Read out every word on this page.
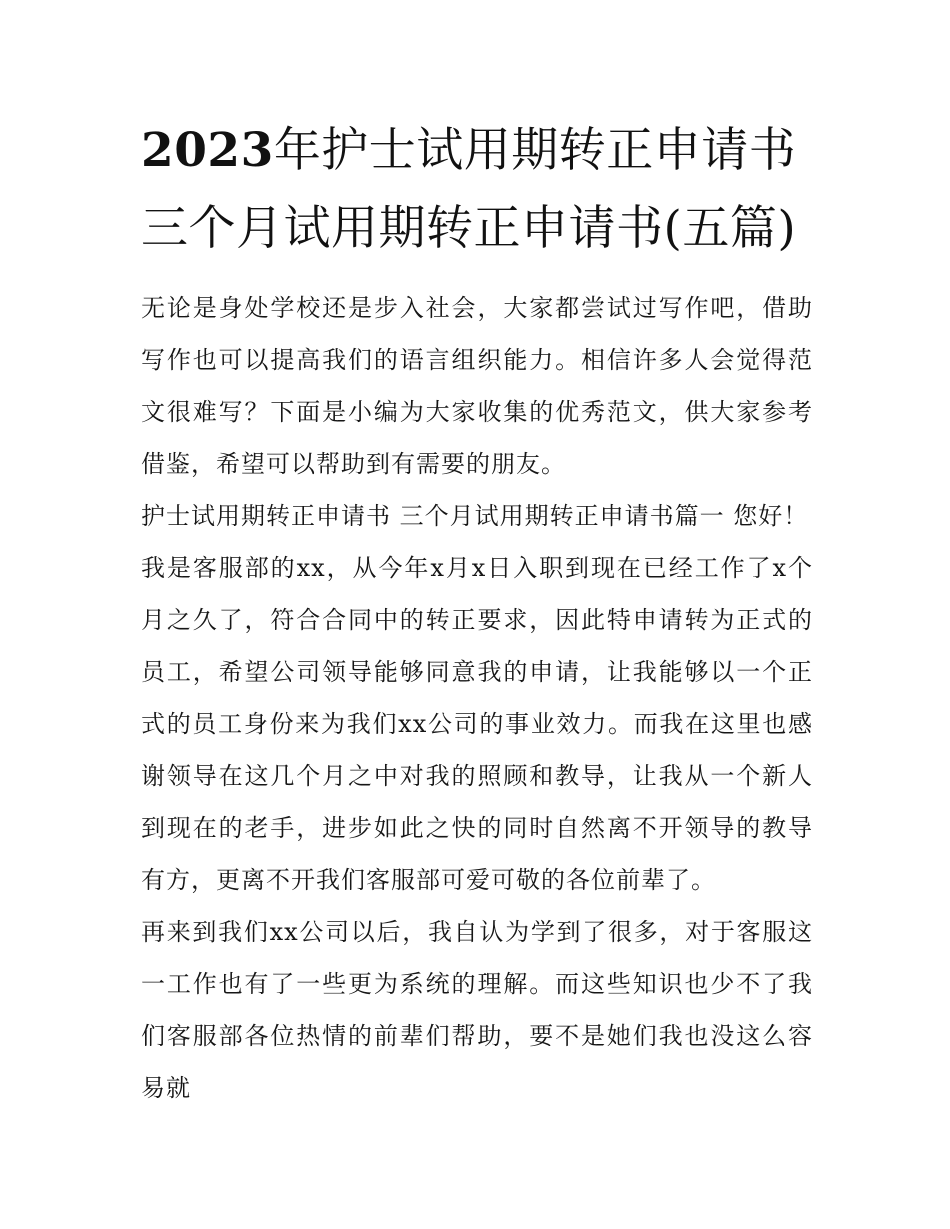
2023年护士试用期转正申请书三个月试用期转正申请书(五篇)

无论是身处学校还是步入社会，大家都尝试过写作吧，借助写作也可以提高我们的语言组织能力。相信许多人会觉得范文很难写？下面是小编为大家收集的优秀范文，供大家参考借鉴，希望可以帮助到有需要的朋友。

护士试用期转正申请书 三个月试用期转正申请书篇一 您好！

我是客服部的xx，从今年x月x日入职到现在已经工作了x个月之久了，符合合同中的转正要求，因此特申请转为正式的员工，希望公司领导能够同意我的申请，让我能够以一个正式的员工身份来为我们xx公司的事业效力。而我在这里也感谢领导在这几个月之中对我的照顾和教导，让我从一个新人到现在的老手，进步如此之快的同时自然离不开领导的教导有方，更离不开我们客服部可爱可敬的各位前辈了。

再来到我们xx公司以后，我自认为学到了很多，对于客服这一工作也有了一些更为系统的理解。而这些知识也少不了我们客服部各位热情的前辈们帮助，要不是她们我也没这么容易就
